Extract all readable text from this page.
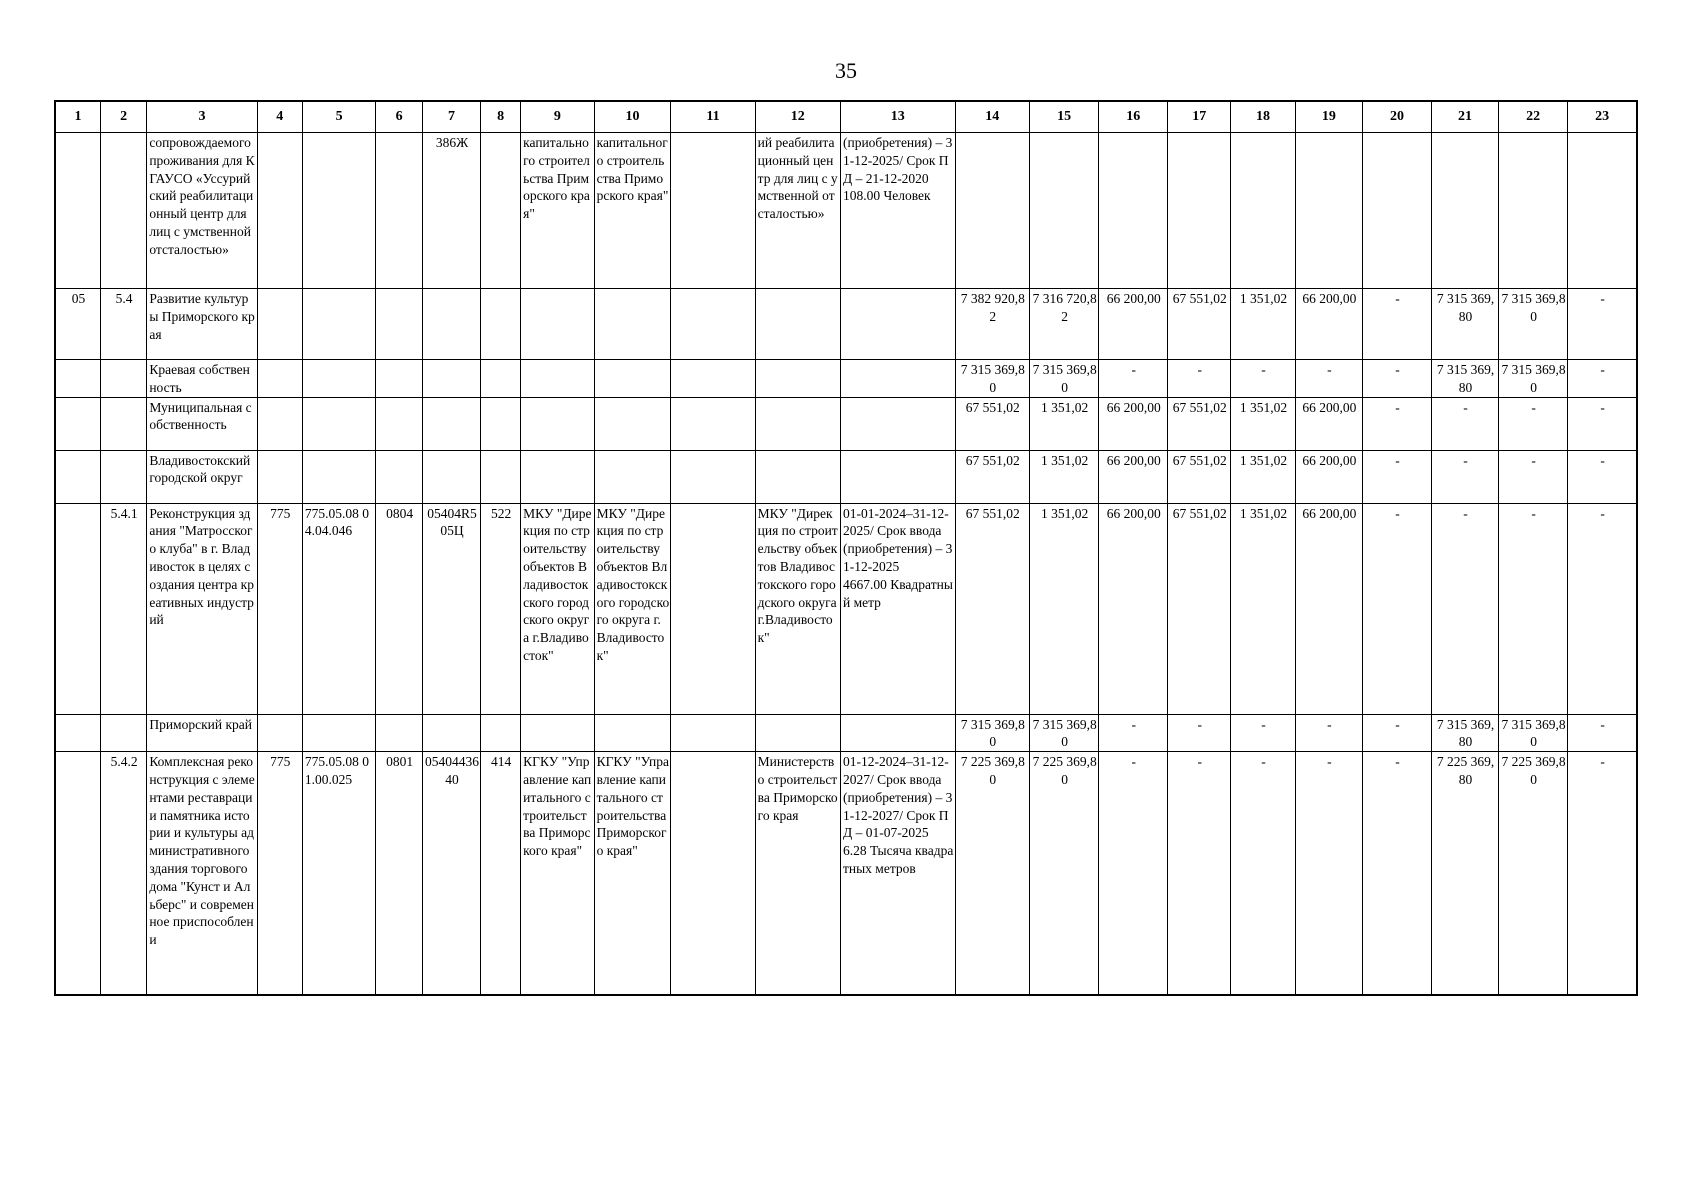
35
1	2	3	4	5	6	7	8	9	10	11	12	13	14	15	16	17	18	19	20	21	22	23
		сопровождаемого проживания для КГАУСО «Уссурийский реабилитационный центр для лиц с умственной отсталостью»				386Ж		капитального строительства Приморского края"	капитального строительства Приморского края"		ий реабилитационный центр для лиц с умственной отсталостью»	(приобретения) – 31-12-2025/ Срок ПД – 21-12-2020
108.00 Человек										
05	5.4	Развитие культуры Приморского края											7 382 920,82	7 316 720,82	66 200,00	67 551,02	1 351,02	66 200,00	-	7 315 369,80	7 315 369,80	-
		Краевая собственность											7 315 369,80	7 315 369,80	-	-	-	-	-	7 315 369,80	7 315 369,80	-
		Муниципальная собственность											67 551,02	1 351,02	66 200,00	67 551,02	1 351,02	66 200,00	-	-	-	-
		Владивостокский городской округ											67 551,02	1 351,02	66 200,00	67 551,02	1 351,02	66 200,00	-	-	-	-
	5.4.1	Реконструкция здания "Матросского клуба" в г. Владивосток в целях создания центра креативных индустрий	775	775.05.08 04.04.046	0804	05404R505Ц	522	МКУ "Дирекция по строительству объектов Владивостокского городского округа г.Владивосток"	МКУ "Дирекция по строительству объектов Владивостокского городского округа г.Владивосток"		МКУ "Дирекция по строительству объектов Владивостокского городского округа г.Владивосток"	01-01-2024–31-12-2025/ Срок ввода (приобретения) – 31-12-2025
4667.00 Квадратный метр	67 551,02	1 351,02	66 200,00	67 551,02	1 351,02	66 200,00	-	-	-	-
		Приморский край											7 315 369,80	7 315 369,80	-	-	-	-	-	7 315 369,80	7 315 369,80	-
	5.4.2	Комплексная реконструкция с элементами реставрации памятника истории и культуры административного здания торгового дома "Кунст и Альберс" и современное приспособлени	775	775.05.08 01.00.025	0801	0540443640	414	КГКУ "Управление капитального строительства Приморского края"	КГКУ "Управление капитального строительства Приморского края"		Министерство строительства Приморского края	01-12-2024–31-12-2027/ Срок ввода (приобретения) – 31-12-2027/ Срок ПД – 01-07-2025
6.28 Тысяча квадратных метров	7 225 369,80	7 225 369,80	-	-	-	-	-	7 225 369,80	7 225 369,80	-
